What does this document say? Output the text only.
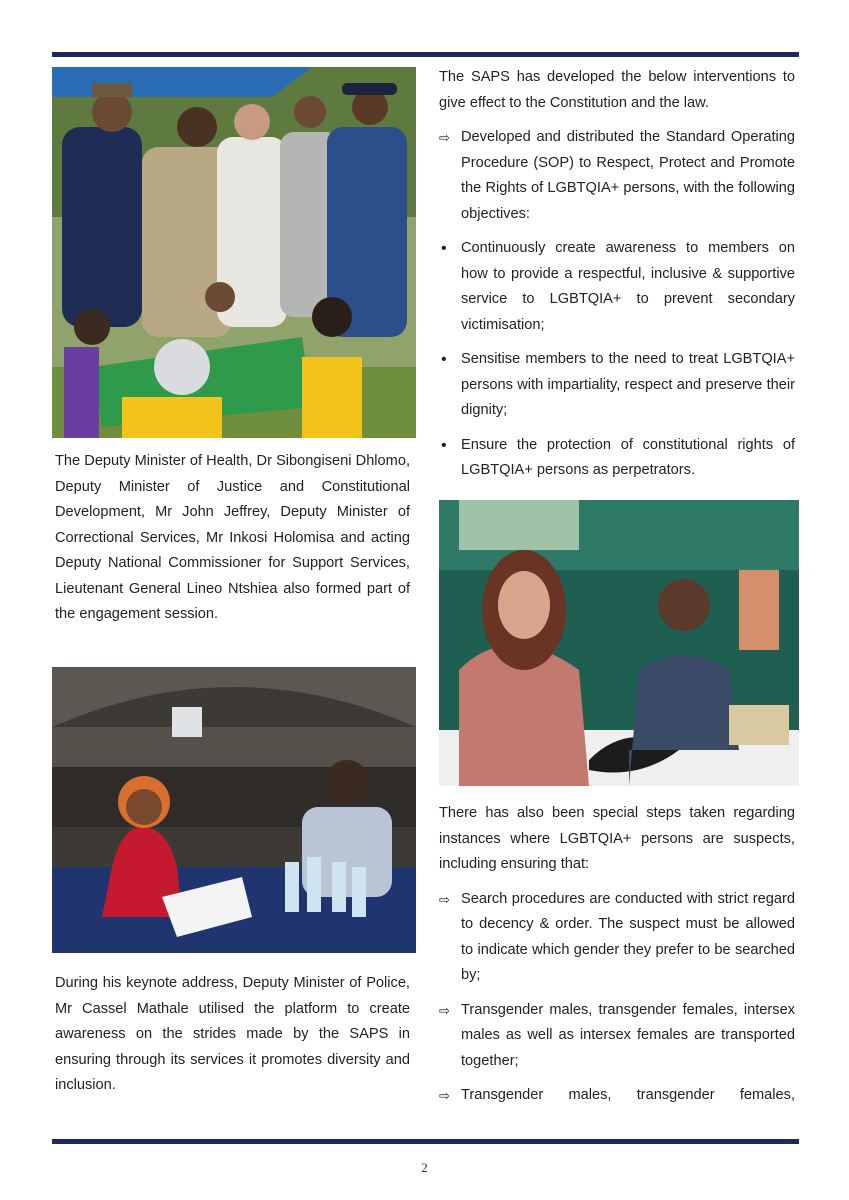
The Deputy Minister of Health, Dr Sibongiseni Dhlomo, Deputy Minister of Justice and Constitutional Development, Mr John Jeffrey, Deputy Minister of Correctional Services, Mr Inkosi Holomisa and acting Deputy National Commissioner for Support Services, Lieutenant General Lineo Ntshiea also formed part of the engagement session.

During his keynote address, Deputy Minister of Police, Mr Cassel Mathale utilised the platform to create awareness on the strides made by the SAPS in ensuring through its services it promotes diversity and inclusion.

The SAPS has developed the below interventions to give effect to the Constitution and the law.

⇨ Developed and distributed the Standard Operating Procedure (SOP) to Respect, Protect and Promote the Rights of LGBTQIA+ persons, with the following objectives:
• Continuously create awareness to members on how to provide a respectful, inclusive & supportive service to LGBTQIA+ to prevent secondary victimisation;
• Sensitise members to the need to treat LGBTQIA+ persons with impartiality, respect and preserve their dignity;
• Ensure the protection of constitutional rights of LGBTQIA+ persons as perpetrators.

There has also been special steps taken regarding instances where LGBTQIA+ persons are suspects, including ensuring that:

⇨ Search procedures are conducted with strict regard to decency & order. The suspect must be allowed to indicate which gender they prefer to be searched by;
⇨ Transgender males, transgender females, intersex males as well as intersex females are transported together;
⇨ Transgender males, transgender females,
2
